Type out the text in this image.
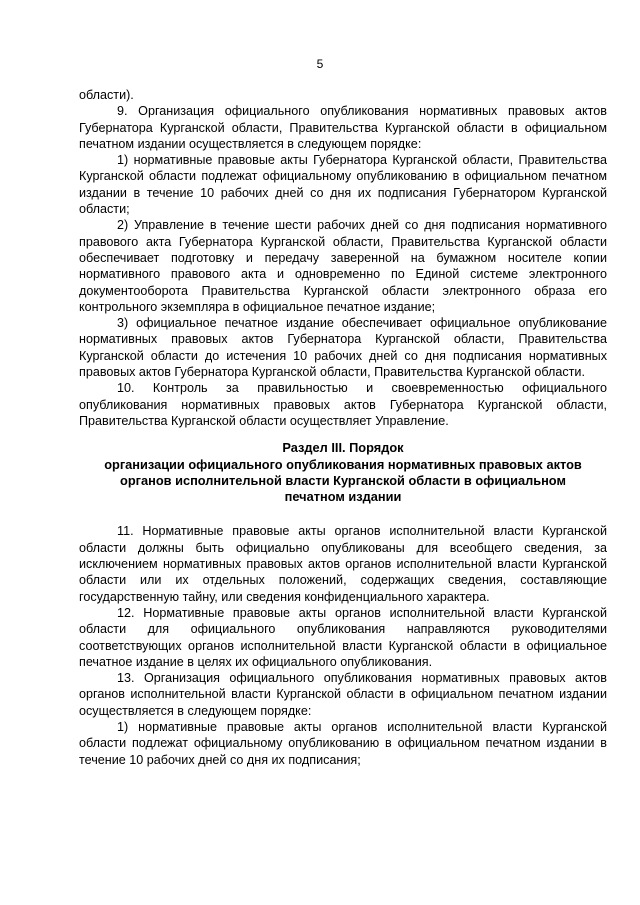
5

области).

9. Организация официального опубликования нормативных правовых актов Губернатора Курганской области, Правительства Курганской области в официальном печатном издании осуществляется в следующем порядке:

1) нормативные правовые акты Губернатора Курганской области, Правительства Курганской области подлежат официальному опубликованию в официальном печатном издании в течение 10 рабочих дней со дня их подписания Губернатором Курганской области;

2) Управление в течение шести рабочих дней со дня подписания нормативного правового акта Губернатора Курганской области, Правительства Курганской области обеспечивает подготовку и передачу заверенной на бумажном носителе копии нормативного правового акта и одновременно по Единой системе электронного документооборота Правительства Курганской области электронного образа его контрольного экземпляра в официальное печатное издание;

3) официальное печатное издание обеспечивает официальное опубликование нормативных правовых актов Губернатора Курганской области, Правительства Курганской области до истечения 10 рабочих дней со дня подписания нормативных правовых актов Губернатора Курганской области, Правительства Курганской области.

10. Контроль за правильностью и своевременностью официального опубликования нормативных правовых актов Губернатора Курганской области, Правительства Курганской области осуществляет Управление.

Раздел III. Порядок
организации официального опубликования нормативных правовых актов
органов исполнительной власти Курганской области в официальном
печатном издании

11. Нормативные правовые акты органов исполнительной власти Курганской области должны быть официально опубликованы для всеобщего сведения, за исключением нормативных правовых актов органов исполнительной власти Курганской области или их отдельных положений, содержащих сведения, составляющие государственную тайну, или сведения конфиденциального характера.

12. Нормативные правовые акты органов исполнительной власти Курганской области для официального опубликования направляются руководителями соответствующих органов исполнительной власти Курганской области в официальное печатное издание в целях их официального опубликования.

13. Организация официального опубликования нормативных правовых актов органов исполнительной власти Курганской области в официальном печатном издании осуществляется в следующем порядке:

1) нормативные правовые акты органов исполнительной власти Курганской области подлежат официальному опубликованию в официальном печатном издании в течение 10 рабочих дней со дня их подписания;
